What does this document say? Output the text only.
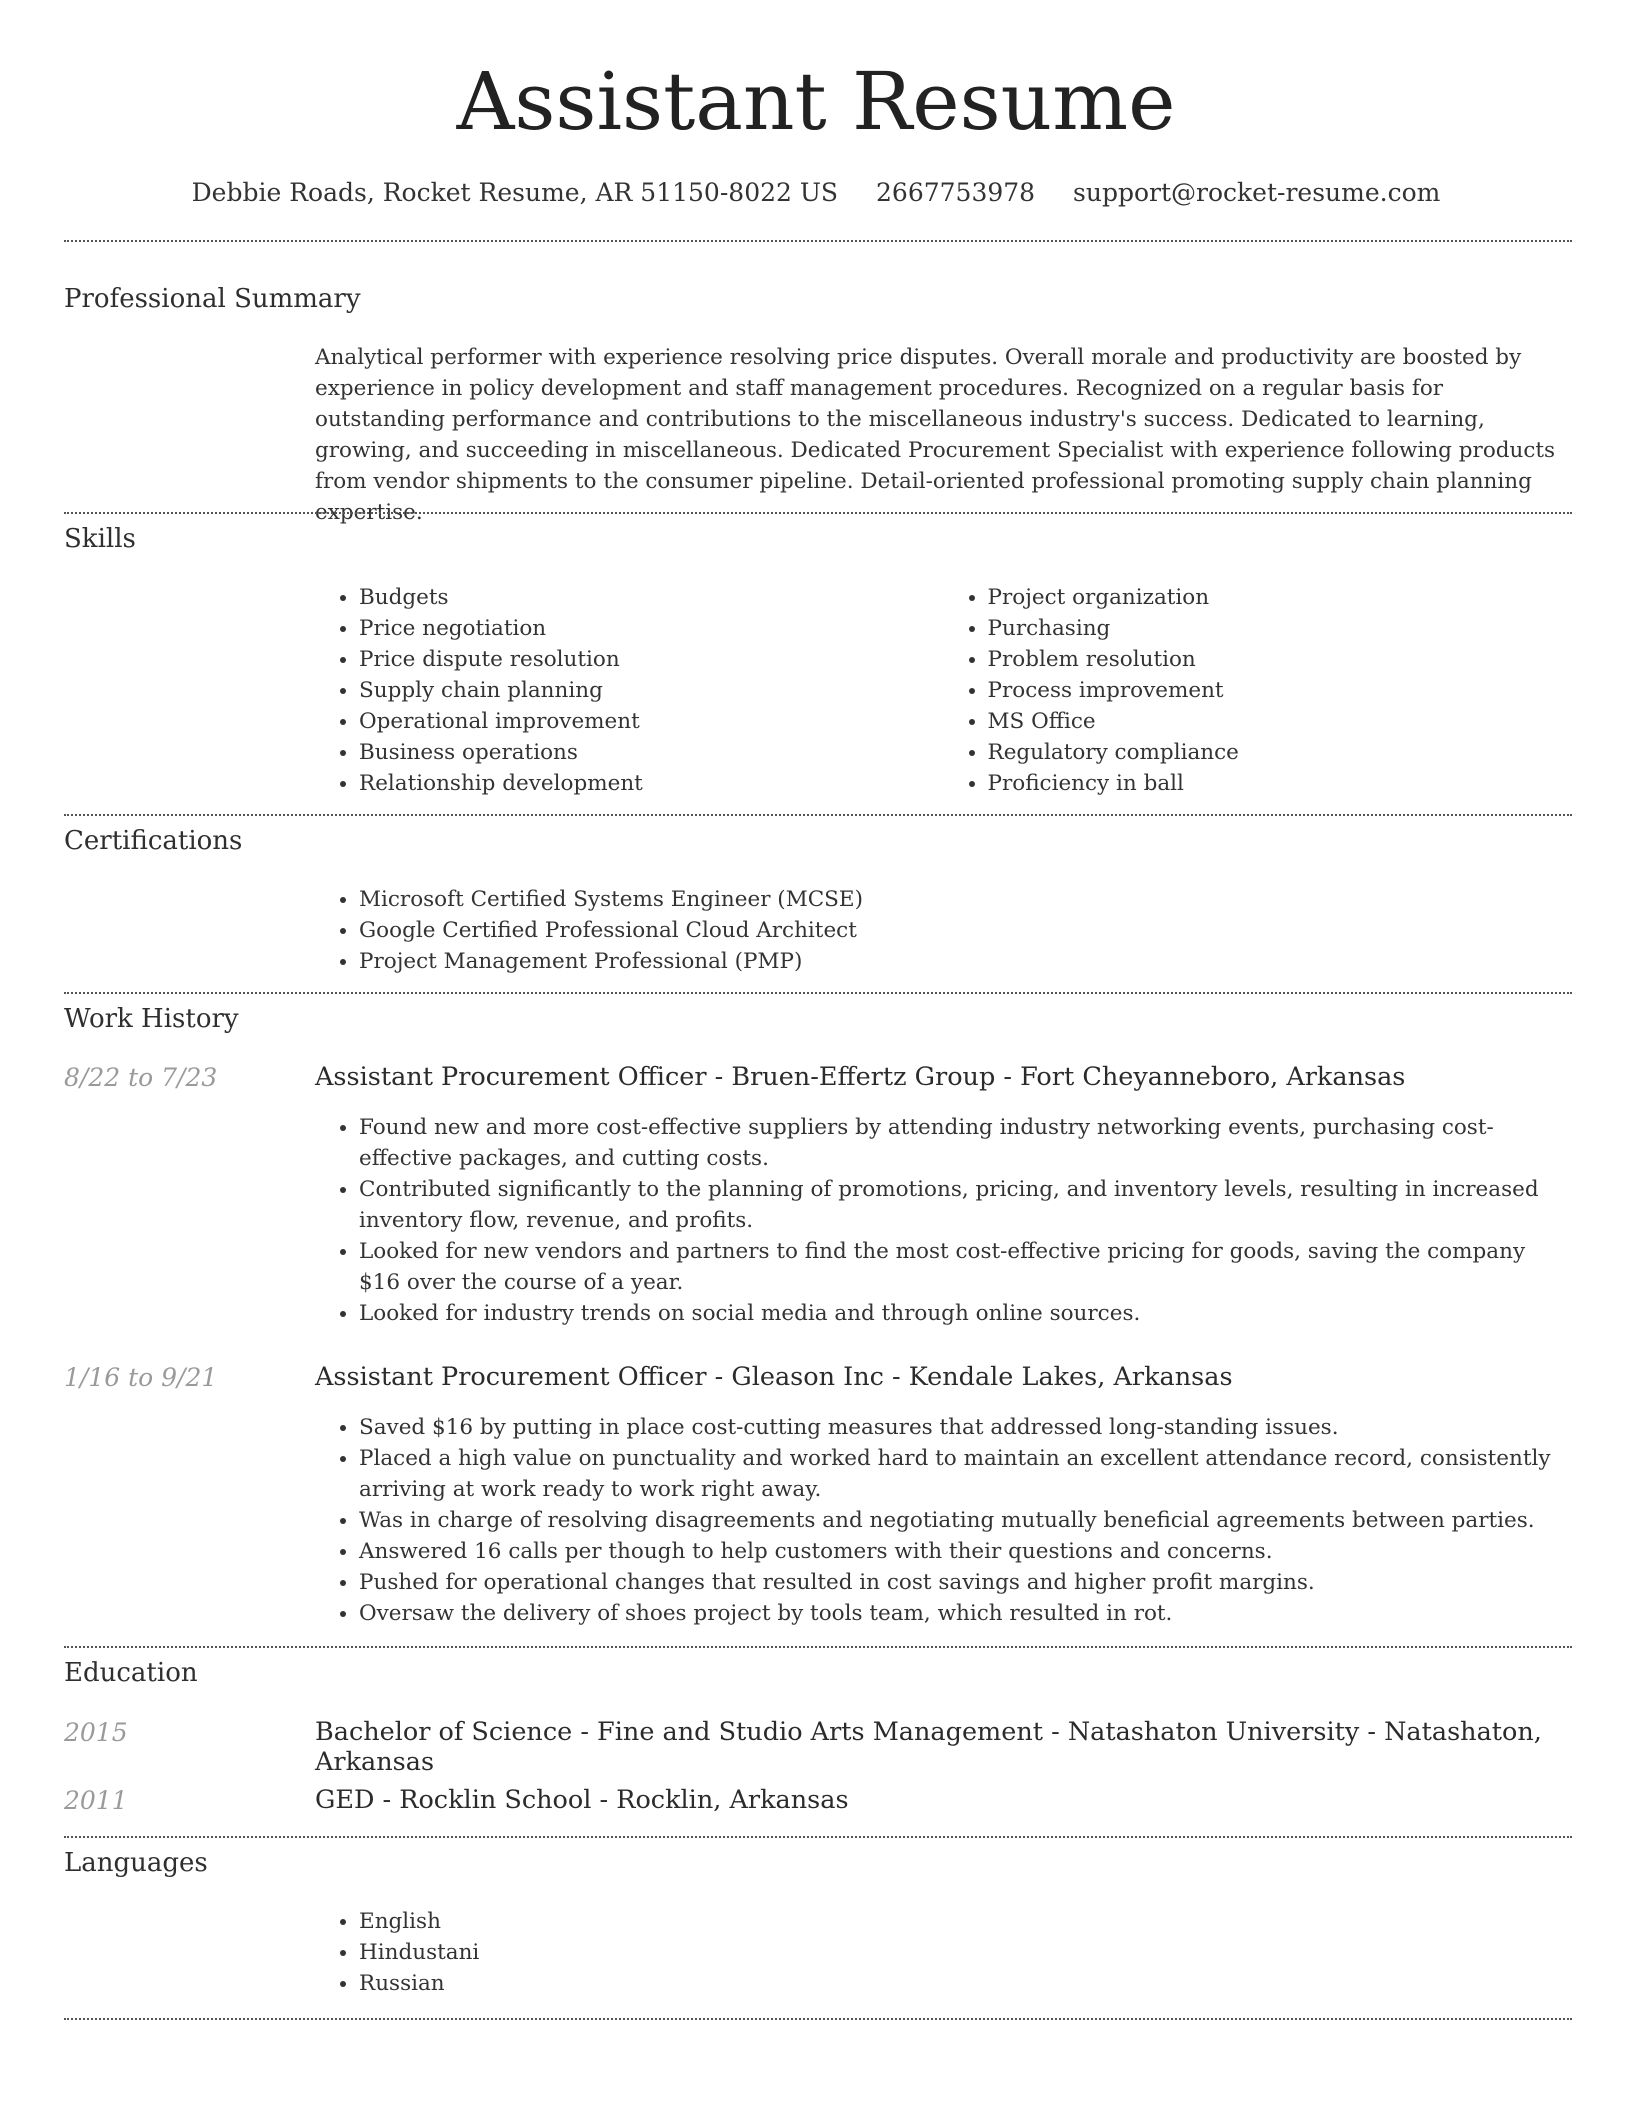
Assistant Resume
Debbie Roads, Rocket Resume, AR 51150-8022 US 2667753978 support@rocket-resume.com
Professional Summary

Analytical performer with experience resolving price disputes. Overall morale and productivity are boosted by experience in policy development and staff management procedures. Recognized on a regular basis for outstanding performance and contributions to the miscellaneous industry's success. Dedicated to learning, growing, and succeeding in miscellaneous. Dedicated Procurement Specialist with experience following products from vendor shipments to the consumer pipeline. Detail-oriented professional promoting supply chain planning expertise.

Skills
• Budgets
• Price negotiation
• Price dispute resolution
• Supply chain planning
• Operational improvement
• Business operations
• Relationship development
• Project organization
• Purchasing
• Problem resolution
• Process improvement
• MS Office
• Regulatory compliance
• Proficiency in ball
Certifications
• Microsoft Certified Systems Engineer (MCSE)
• Google Certified Professional Cloud Architect
• Project Management Professional (PMP)
Work History
8/22 to 7/23	Assistant Procurement Officer - Bruen-Effertz Group - Fort Cheyanneboro, Arkansas
• Found new and more cost-effective suppliers by attending industry networking events, purchasing cost-effective packages, and cutting costs.
• Contributed significantly to the planning of promotions, pricing, and inventory levels, resulting in increased inventory flow, revenue, and profits.
• Looked for new vendors and partners to find the most cost-effective pricing for goods, saving the company $16 over the course of a year.
• Looked for industry trends on social media and through online sources.
1/16 to 9/21	Assistant Procurement Officer - Gleason Inc - Kendale Lakes, Arkansas
• Saved $16 by putting in place cost-cutting measures that addressed long-standing issues.
• Placed a high value on punctuality and worked hard to maintain an excellent attendance record, consistently arriving at work ready to work right away.
• Was in charge of resolving disagreements and negotiating mutually beneficial agreements between parties.
• Answered 16 calls per though to help customers with their questions and concerns.
• Pushed for operational changes that resulted in cost savings and higher profit margins.
• Oversaw the delivery of shoes project by tools team, which resulted in rot.
Education
2015	Bachelor of Science - Fine and Studio Arts Management - Natashaton University - Natashaton, Arkansas
2011	GED - Rocklin School - Rocklin, Arkansas
Languages
• English
• Hindustani
• Russian
